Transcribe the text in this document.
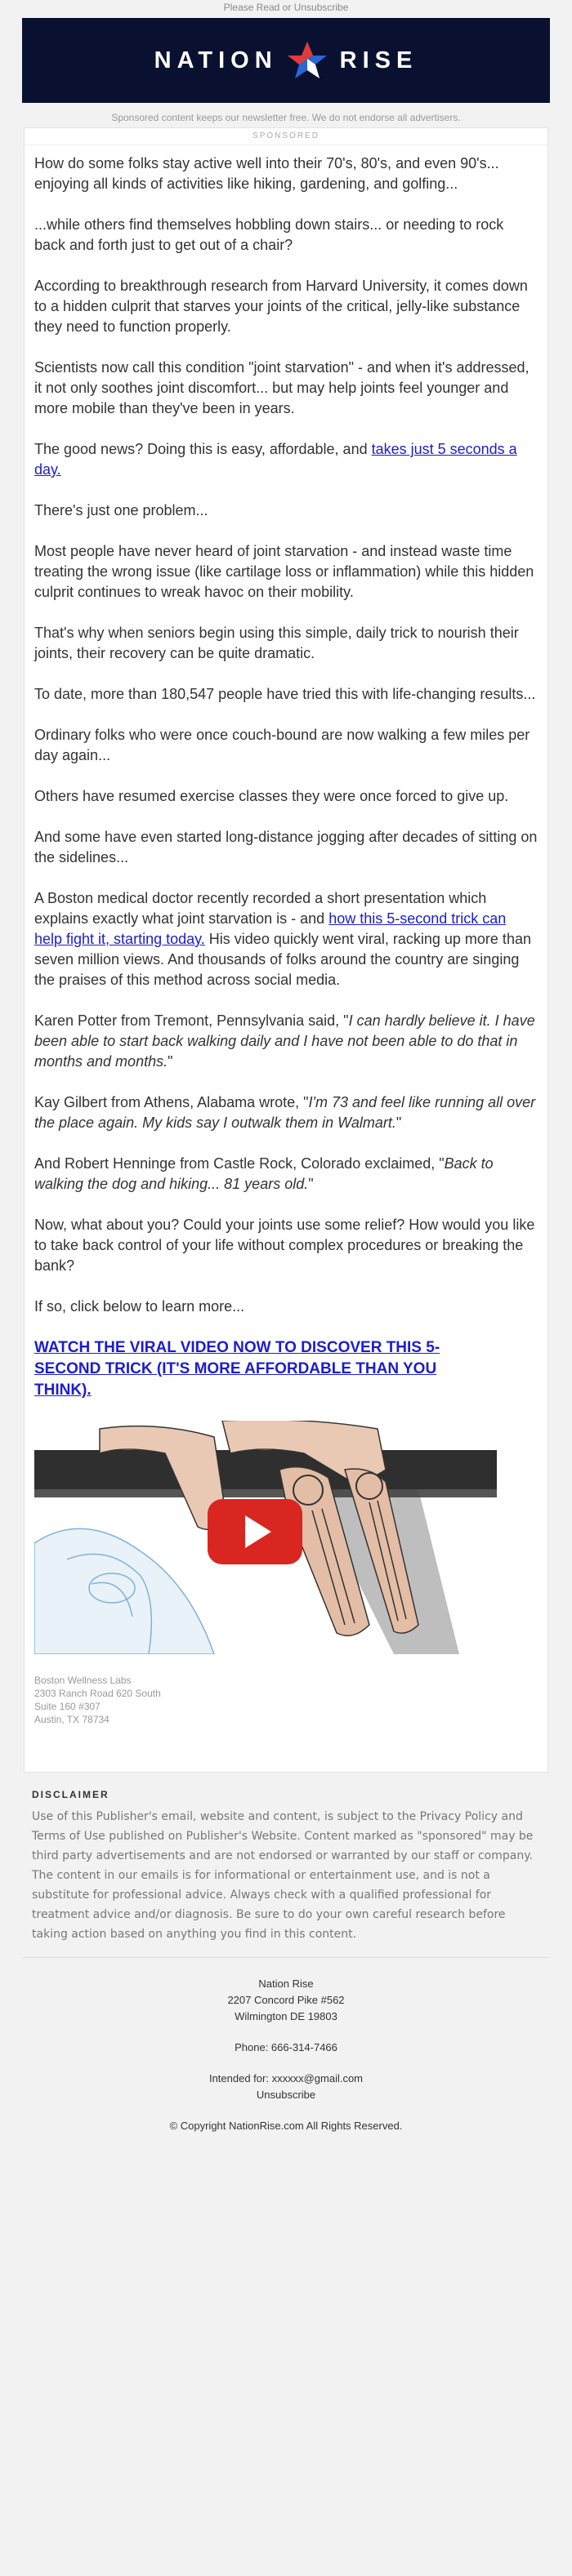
Please Read or Unsubscribe
NATION	RISE
Sponsored content keeps our newsletter free. We do not endorse all advertisers.
SPONSORED

How do some folks stay active well into their 70's, 80's, and even 90's... enjoying all kinds of activities like hiking, gardening, and golfing...

...while others find themselves hobbling down stairs... or needing to rock back and forth just to get out of a chair?

According to breakthrough research from Harvard University, it comes down to a hidden culprit that starves your joints of the critical, jelly-like substance they need to function properly.

Scientists now call this condition "joint starvation" - and when it's addressed, it not only soothes joint discomfort... but may help joints feel younger and more mobile than they've been in years.

The good news? Doing this is easy, affordable, and takes just 5 seconds a day.

There's just one problem...

Most people have never heard of joint starvation - and instead waste time treating the wrong issue (like cartilage loss or inflammation) while this hidden culprit continues to wreak havoc on their mobility.

That's why when seniors begin using this simple, daily trick to nourish their joints, their recovery can be quite dramatic.

To date, more than 180,547 people have tried this with life-changing results...

Ordinary folks who were once couch-bound are now walking a few miles per day again...

Others have resumed exercise classes they were once forced to give up.

And some have even started long-distance jogging after decades of sitting on the sidelines...

A Boston medical doctor recently recorded a short presentation which explains exactly what joint starvation is - and how this 5-second trick can help fight it, starting today. His video quickly went viral, racking up more than seven million views. And thousands of folks around the country are singing the praises of this method across social media.

Karen Potter from Tremont, Pennsylvania said, "I can hardly believe it. I have been able to start back walking daily and I have not been able to do that in months and months."

Kay Gilbert from Athens, Alabama wrote, "I'm 73 and feel like running all over the place again. My kids say I outwalk them in Walmart."

And Robert Henninge from Castle Rock, Colorado exclaimed, "Back to walking the dog and hiking... 81 years old."

Now, what about you? Could your joints use some relief? How would you like to take back control of your life without complex procedures or breaking the bank?

If so, click below to learn more...

WATCH THE VIRAL VIDEO NOW TO DISCOVER THIS 5-SECOND TRICK (IT'S MORE AFFORDABLE THAN YOU THINK).
Boston Wellness Labs
2303 Ranch Road 620 South
Suite 160 #307
Austin, TX 78734
DISCLAIMER

Use of this Publisher's email, website and content, is subject to the Privacy Policy and Terms of Use published on Publisher's Website. Content marked as "sponsored" may be third party advertisements and are not endorsed or warranted by our staff or company. The content in our emails is for informational or entertainment use, and is not a substitute for professional advice. Always check with a qualified professional for treatment advice and/or diagnosis. Be sure to do your own careful research before taking action based on anything you find in this content.

Nation Rise
2207 Concord Pike #562
Wilmington DE 19803
Phone: 666-314-7466
Intended for: xxxxxx@gmail.com
Unsubscribe
© Copyright NationRise.com All Rights Reserved.
